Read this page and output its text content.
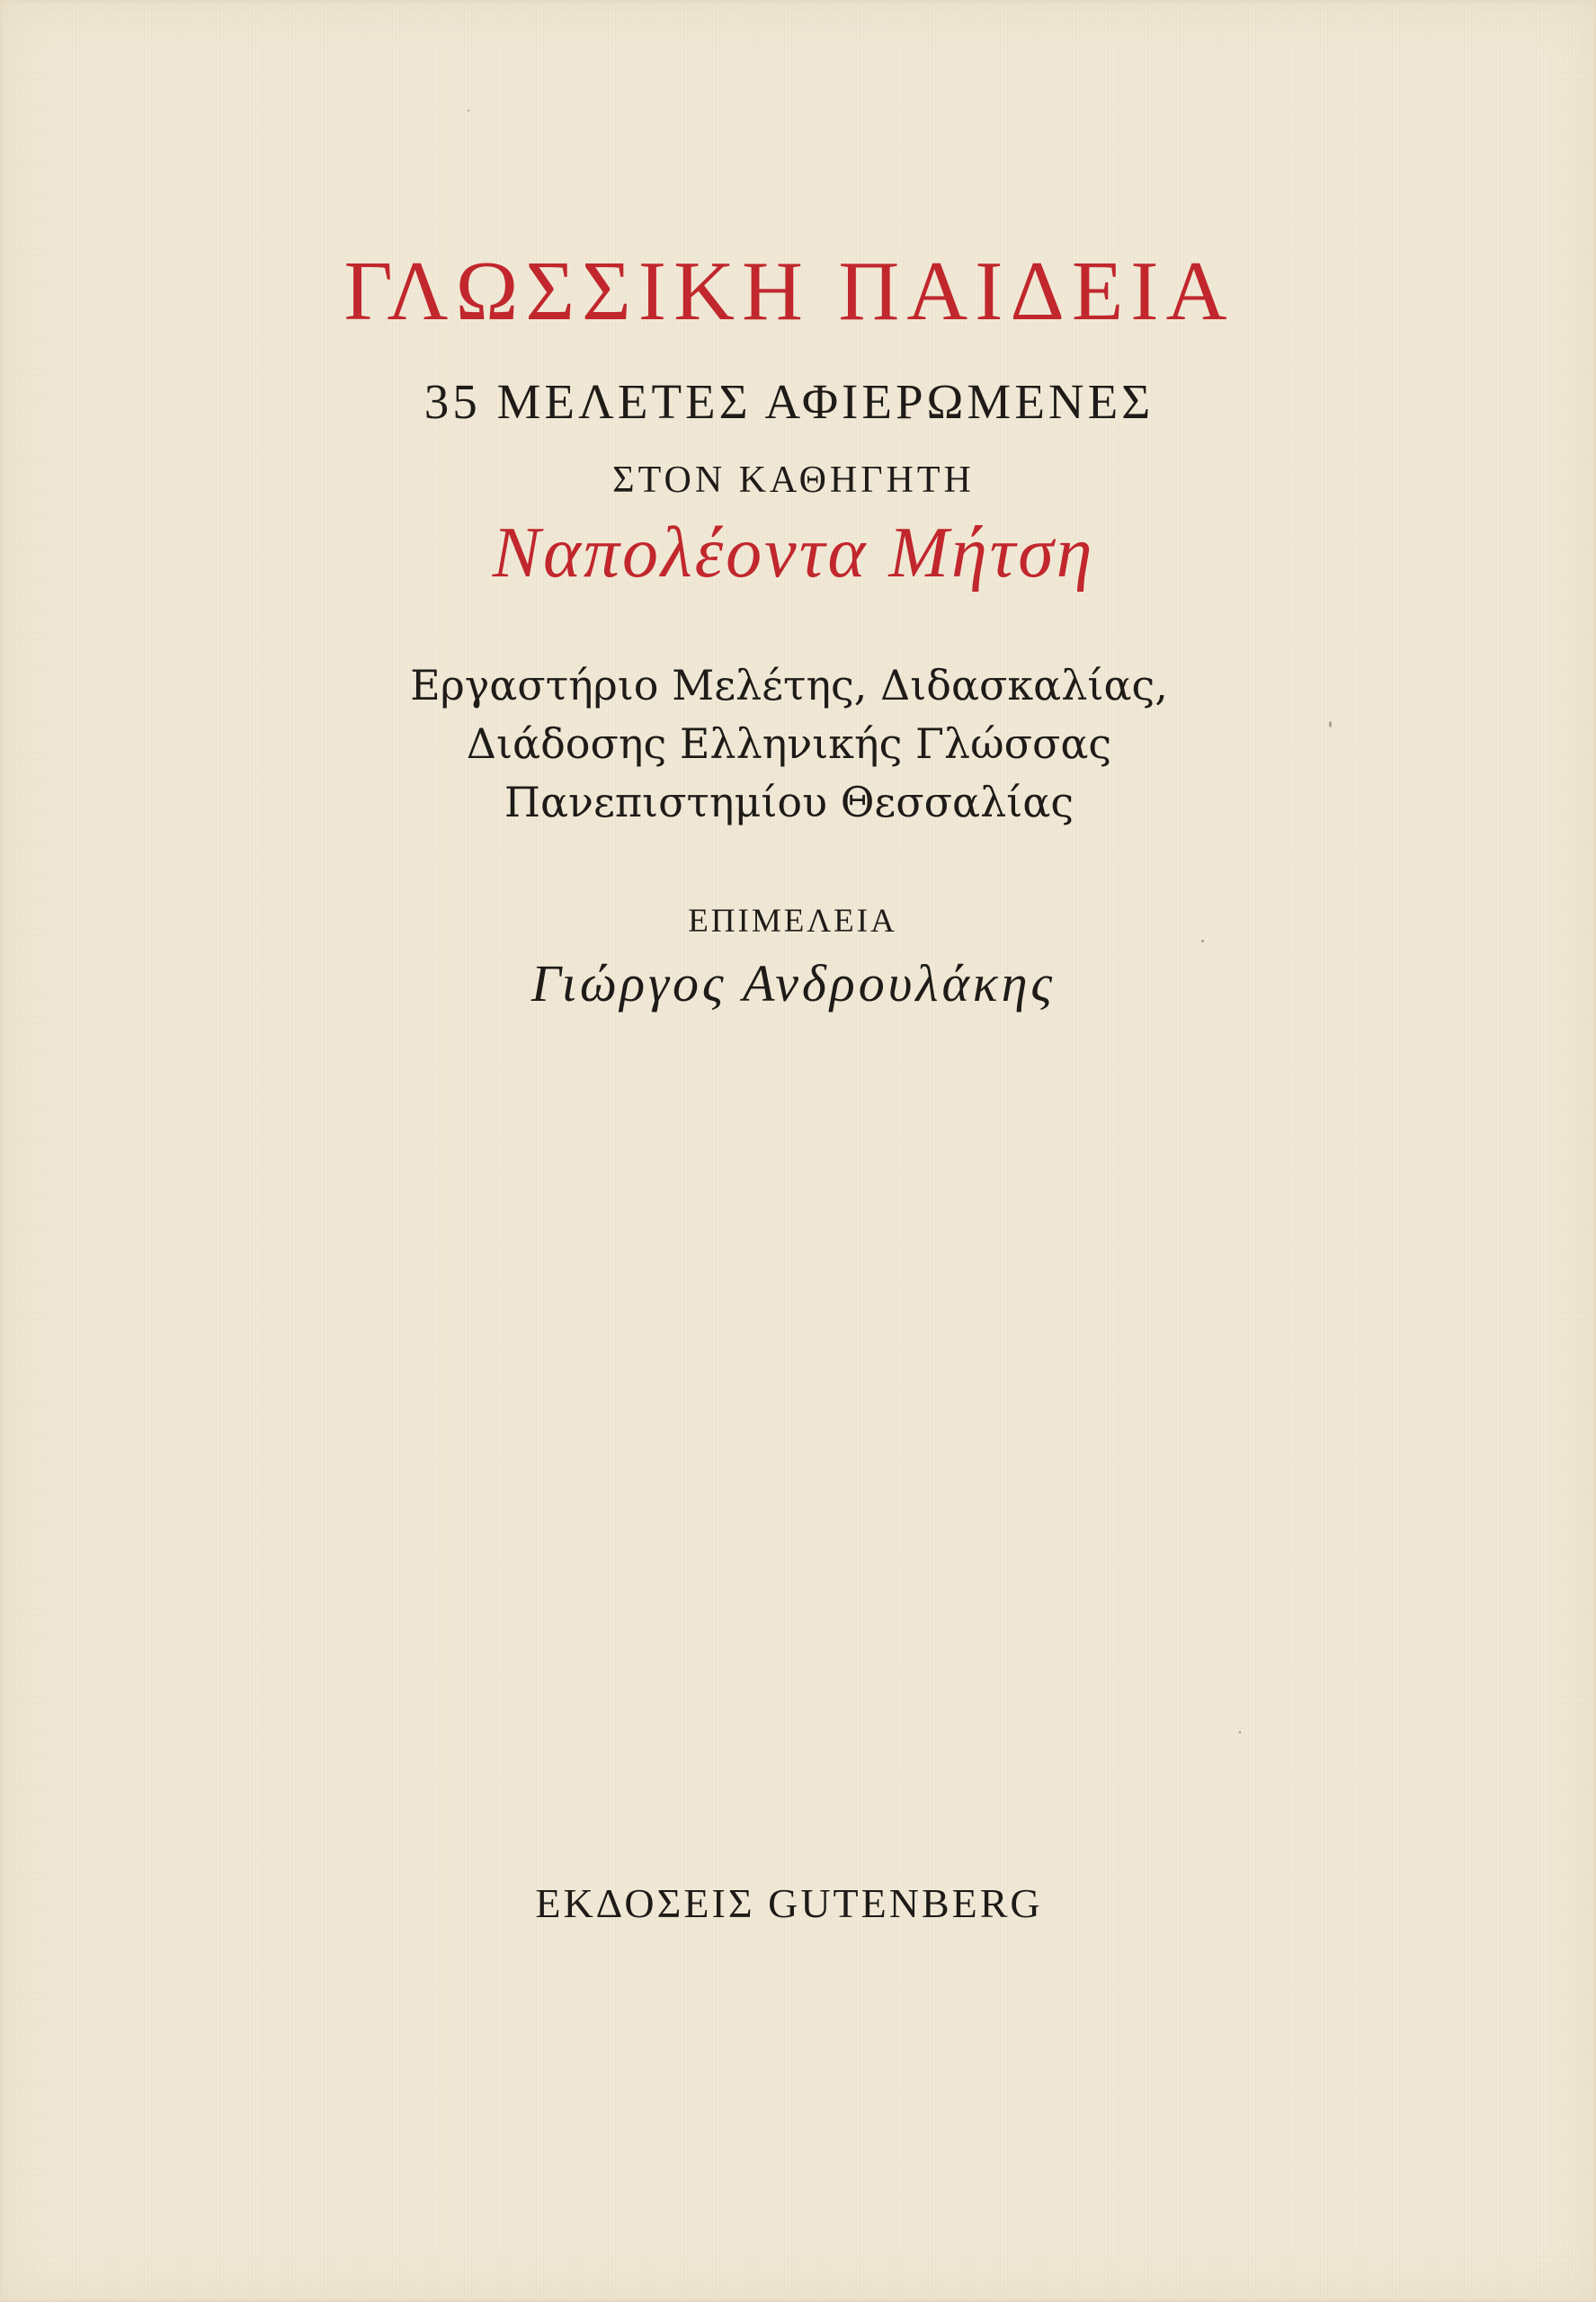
ΓΛΩΣΣΙΚΗ ΠΑΙΔΕΙΑ

35 ΜΕΛΕΤΕΣ ΑΦΙΕΡΩΜΕΝΕΣ

ΣΤΟΝ ΚΑΘΗΓΗΤΗ

Ναπολέοντα Μήτση

Εργαστήριο Μελέτης, Διδασκαλίας,

Διάδοσης Ελληνικής Γλώσσας

Πανεπιστημίου Θεσσαλίας

ΕΠΙΜΕΛΕΙΑ

Γιώργος Ανδρουλάκης

ΕΚΔΟΣΕΙΣ GUTENBERG
